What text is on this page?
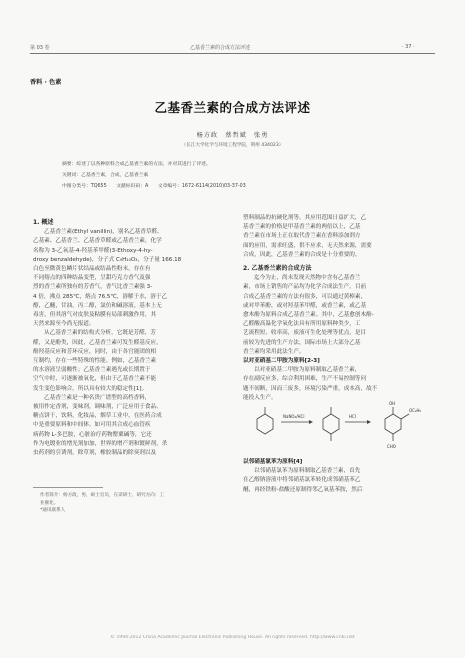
第 03 卷	乙基香兰素的合成方法评述	· 37 ·
香料 · 色素
乙基香兰素的合成方法评述
杨方政　蔡哲斌　张勇
（长江大学化学与环境工程学院，荆州 434023）
摘要：综述了以各种原料合成乙基香兰素的方法，并对其进行了评述。
关键词：乙基香兰素，合成，乙基香兰素
中图分类号：TQ655　　文献标识码：A　　文章编号：1672-6114(2010)03-37-03

1. 概述

乙基香兰素(Ethyl vanillin)，别名乙基香草醛、

乙基素、乙基香兰、乙基香草醛或乙基香兰素，化学

名称为 3-乙氧基-4-羟基苯甲醛(3-Ethoxy-4-hy-

droxy benzaldehyde)，分子式 C₉H₁₀O₃，分子量 166.18

白色至微黄色鳞片状结晶或结晶性粉末，存在有

不同熔点的四种结晶变型，呈甜巧克力香气及强

烈的香兰素所独有的芳香气，香气比香兰素强 3-

4 倍，沸点 285℃，熔点 76.5℃，溶解于水，溶于乙

醇，乙醚，甘油，丙二醇，氯仿和碱溶液。基本上无

毒害，但其溶气对皮肤及粘膜有局部刺激作用，其

天然来源至今尚无报道。

从乙基香兰素的结构式分析，它既是芳醛，芳

醛，又是酚类，因此，乙基香兰素可发生醛基反应，

酚羟基反应和芳环反应，同时，由于各官能团的相

互制约，存在一些特殊的性能。例如，乙基香兰素

的水溶液呈弱酸性；乙基香兰素遇光或长期置于

空气中时，可逐渐被氧化，但由于乙基香兰素不能

发生变色影响合，所以具有较大的稳定性[1]。

乙基香兰素是一种名贵广谱型的高档香料，

被用作定香剂，变味剂，调味剂，广泛应用于食品、

糖点饼干，饮料，化妆品，烟草工业中，在医药合成

中是重要原料和中间体。如可用其合成心血管疾

病药物 L-多巴胺，心脏治疗药物罂粟碱等，它还

作为电镀业的增光剂加加，世界的增产剂和镀鲜剂，杀

虫药剂的引诱剂，除草剂，橡胶制品的除臭剂以及

作者简介：杨方政，男，硕士官员，在读研士，研究方向：工
业催化。
*通讯联系人

塑料制品的抗硬化剂等。其应用范围日益扩大，乙

基香兰素的价格是甲基香兰素的两倍以上，乙基

香兰素在市场上正在取代香兰素在香料添加剂方

面的应用，需求旺盛，供不应求，无天然来源，需要

合成，因此，乙基香兰素的合成是十分重要的。

2. 乙基香兰素的合成方法

迄今为止，尚未发现天然物中含有乙基香兰

素，市场上销售的产品均为化学合成法生产。目前

合成乙基香兰素的方法有很多，可以通过黄樟素，

或对甲苯酚，或对羟基苯甲醛，或香兰素，或乙基

愈木酚为原料合成乙基香兰素。其中，乙基愈创木酚-

乙醛酸高温化学氧化法具有所用原料种类少，工

艺流程短，收率高，废液可生化处理等优点，是目

前较为先进的生产方法，国际市场上大部分乙基

香兰素均采用此法生产。

以对亚硝基二甲胺为原料[2-3]

以对亚硝基二甲胺为原料制取乙基香兰素，

存在副反应多，综合利用困难，生产不易控制等问

题不间断，因而三废多，环境污染严重，成本高，故不

能投入生产。

NaNO₂/HCl	HCl
CHO
OC₂H₅
OH

以邻硝基氯苯为原料[4]

以邻硝基氯苯为原料制取乙基香兰素，首先

在乙醇钠溶液中将邻硝基氯苯转化成邻硝基苯乙

醚，再经铁粉-盐酸还原制得邻乙氧基苯胺，然后

© 1994-2012 China Academic Journal Electronic Publishing House. All rights reserved. http://www.cnki.net
